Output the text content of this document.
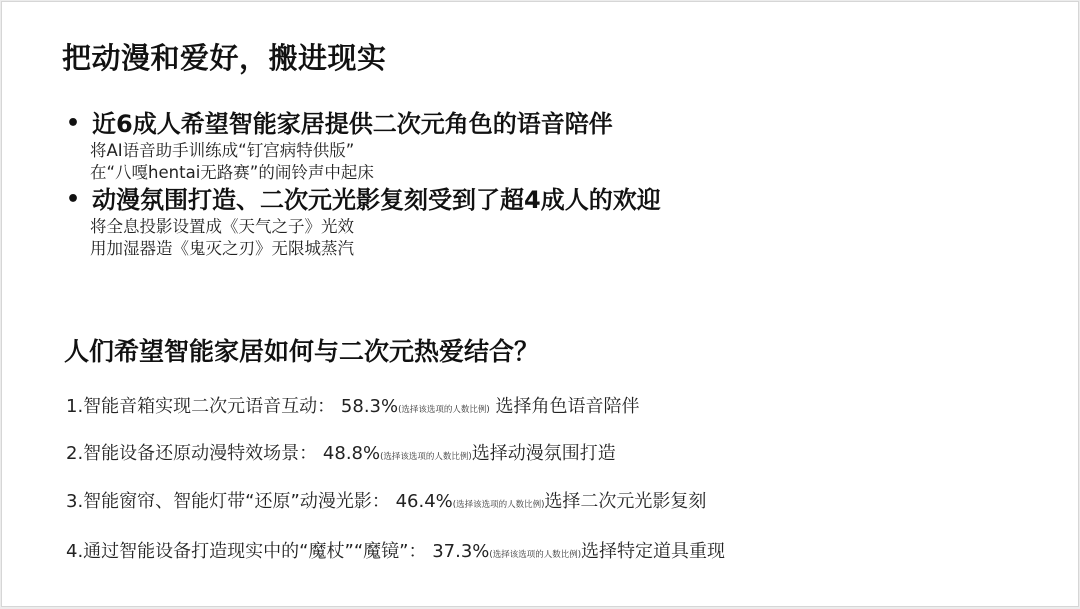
把动漫和爱好，搬进现实
• 近6成人希望智能家居提供二次元角色的语音陪伴
将AI语音助手训练成“钉宫病特供版”
在“八嘎hentai无路赛”的闹铃声中起床
• 动漫氛围打造、二次元光影复刻受到了超4成人的欢迎
将全息投影设置成《天气之子》光效
用加湿器造《鬼灭之刃》无限城蒸汽
人们希望智能家居如何与二次元热爱结合？
1.智能音箱实现二次元语音互动： 58.3%(选择该选项的人数比例) 选择角色语音陪伴
2.智能设备还原动漫特效场景： 48.8%(选择该选项的人数比例)选择动漫氛围打造
3.智能窗帘、智能灯带“还原”动漫光影： 46.4%(选择该选项的人数比例)选择二次元光影复刻
4.通过智能设备打造现实中的“魔杖”“魔镜”： 37.3%(选择该选项的人数比例)选择特定道具重现
